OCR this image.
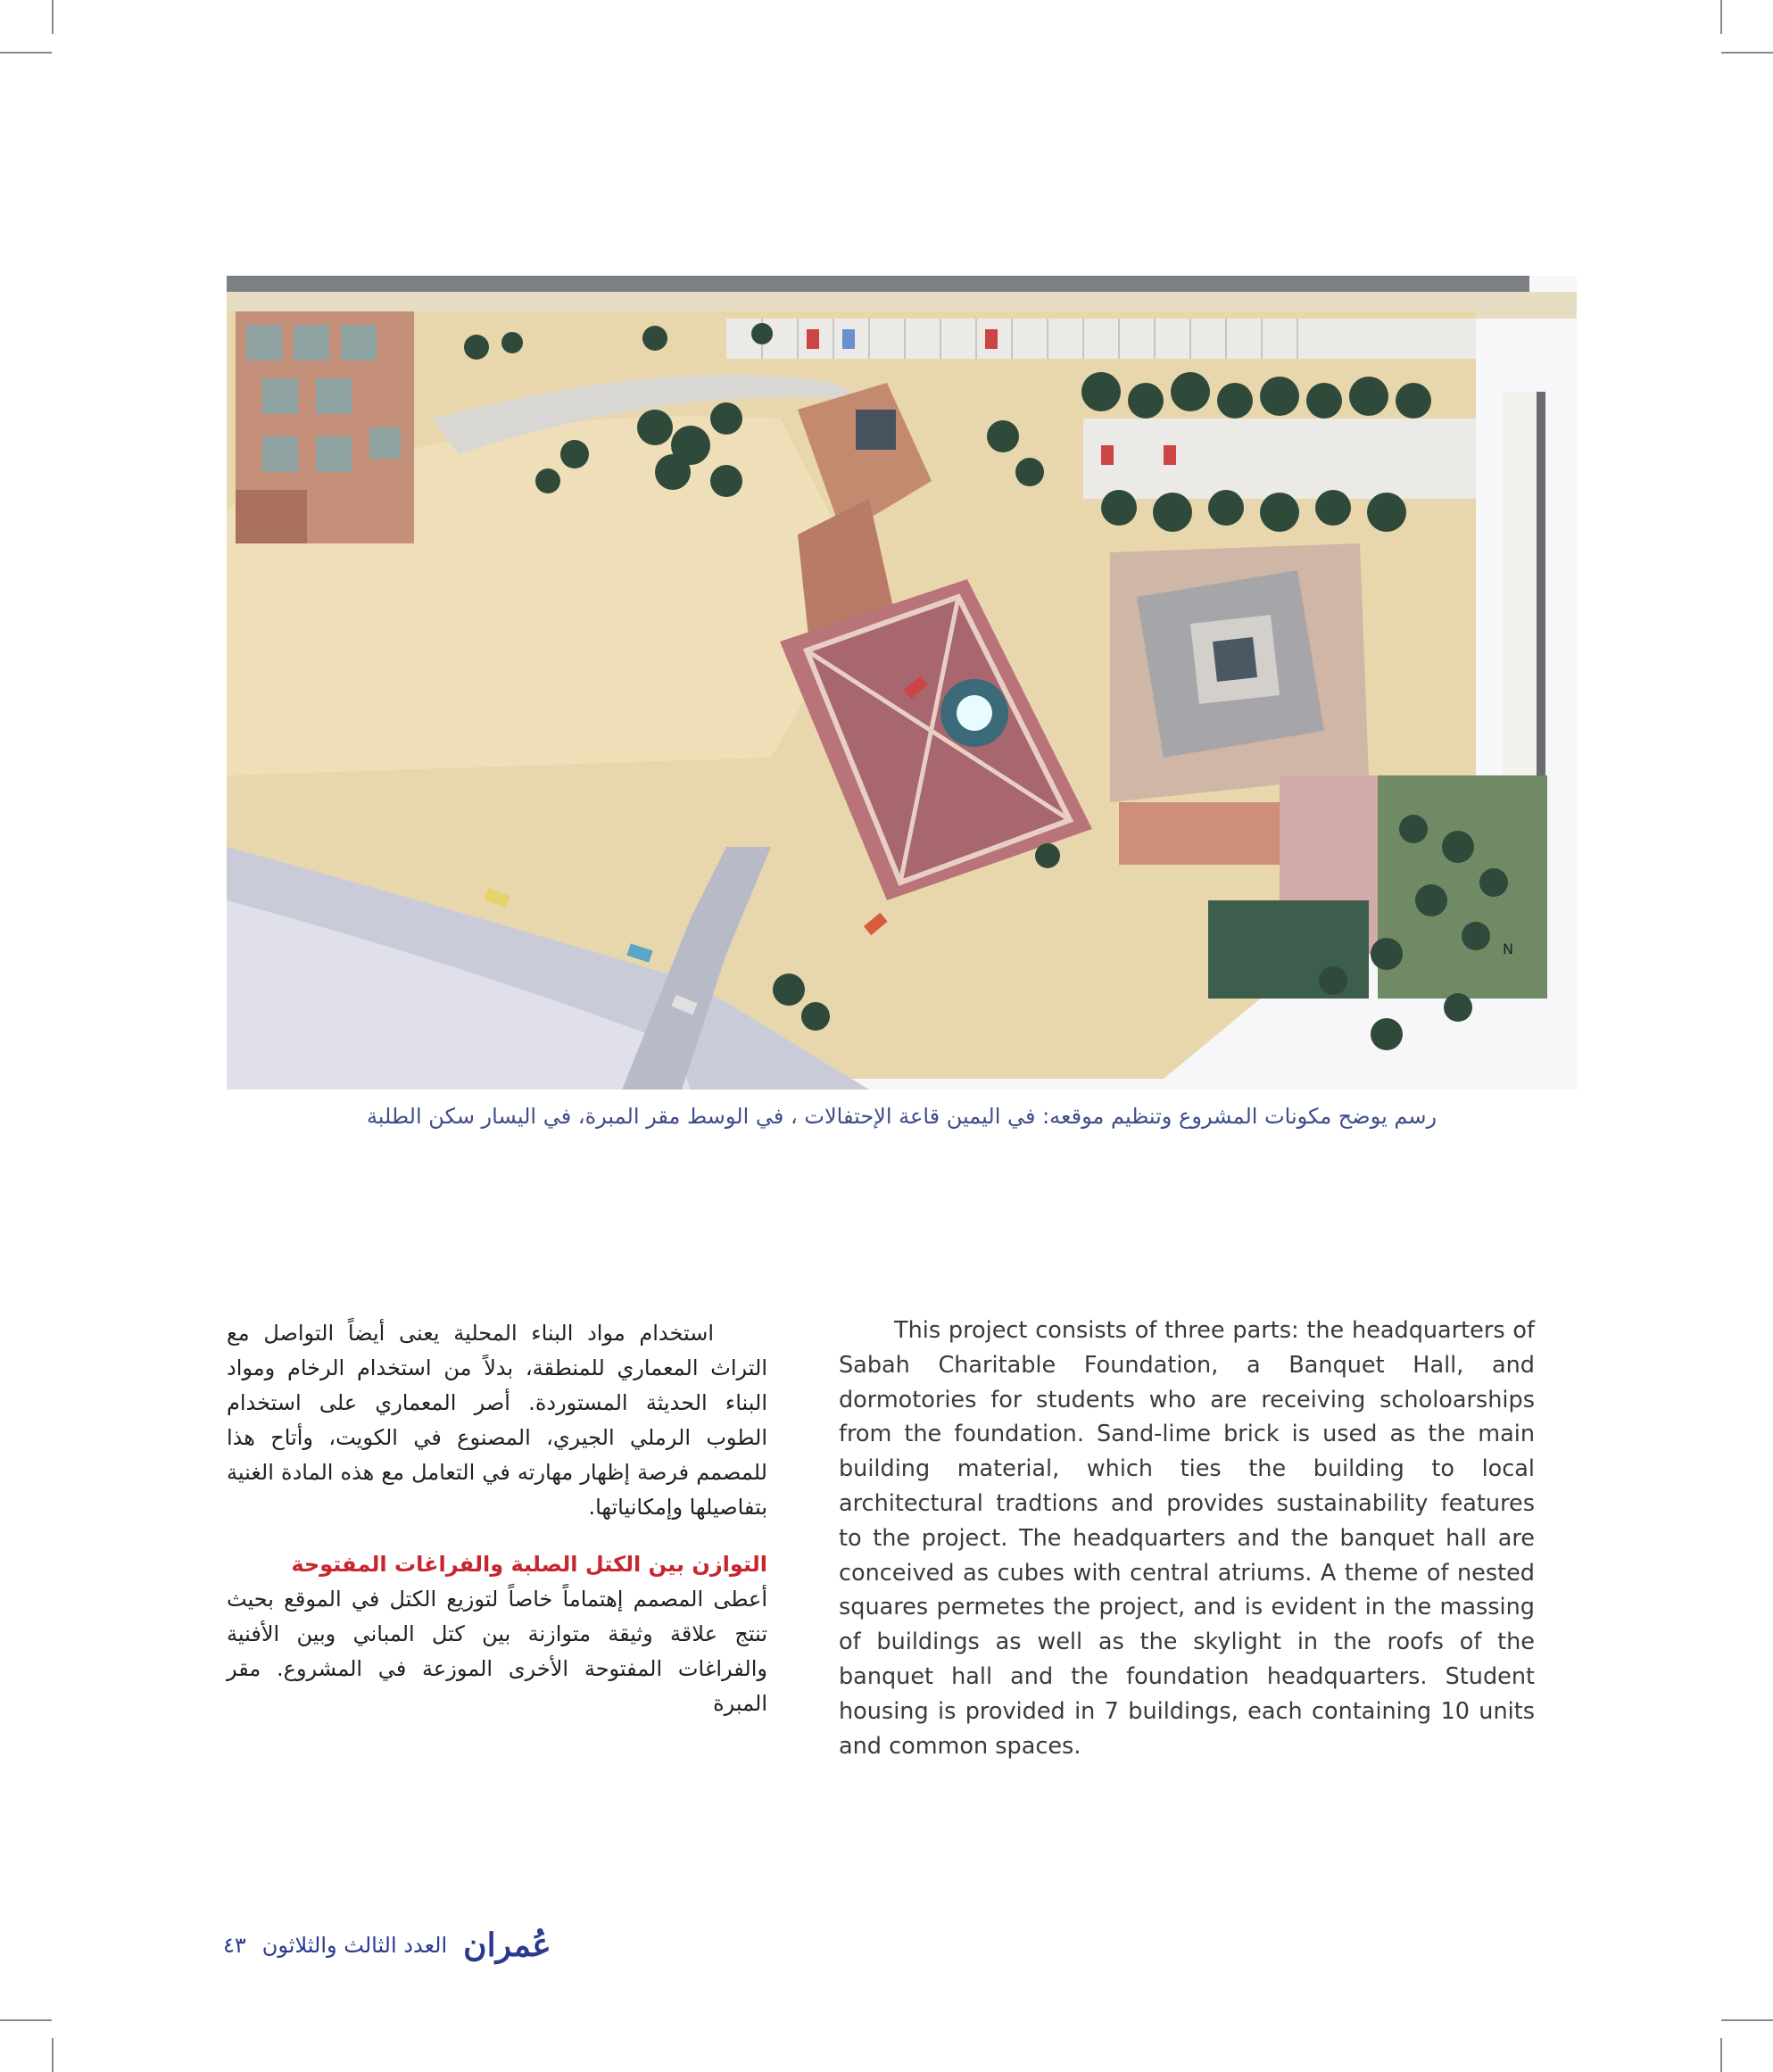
N
رسم يوضح مكونات المشروع وتنظيم موقعه: في اليمين قاعة الإحتفالات ، في الوسط مقر المبرة، في اليسار سكن الطلبة

This project consists of three parts: the headquarters of Sabah Charitable Foundation, a Banquet Hall, and dormotories for students who are receiving scholoarships from the foundation. Sand-lime brick is used as the main building material, which ties the building to local architectural tradtions and provides sustainability features to the project. The headquarters and the banquet hall are conceived as cubes with central atriums. A theme of nested squares permetes the project, and is evident in the massing of buildings as well as the skylight in the roofs of the banquet hall and the foundation headquarters. Student housing is provided in 7 buildings, each containing 10 units and common spaces.

استخدام مواد البناء المحلية يعنى أيضاً التواصل مع التراث المعماري للمنطقة، بدلاً من استخدام الرخام ومواد البناء الحديثة المستوردة. أصر المعماري على استخدام الطوب الرملي الجيري، المصنوع في الكويت، وأتاح هذا للمصمم فرصة إظهار مهارته في التعامل مع هذه المادة الغنية بتفاصيلها وإمكانياتها.

التوازن بين الكتل الصلبة والفراغات المفتوحة

أعطى المصمم إهتماماً خاصاً لتوزيع الكتل في الموقع بحيث تنتج علاقة وثيقة متوازنة بين كتل المباني وبين الأفنية والفراغات المفتوحة الأخرى الموزعة في المشروع. مقر المبرة

عُمران
العدد الثالث والثلاثون
٤٣
